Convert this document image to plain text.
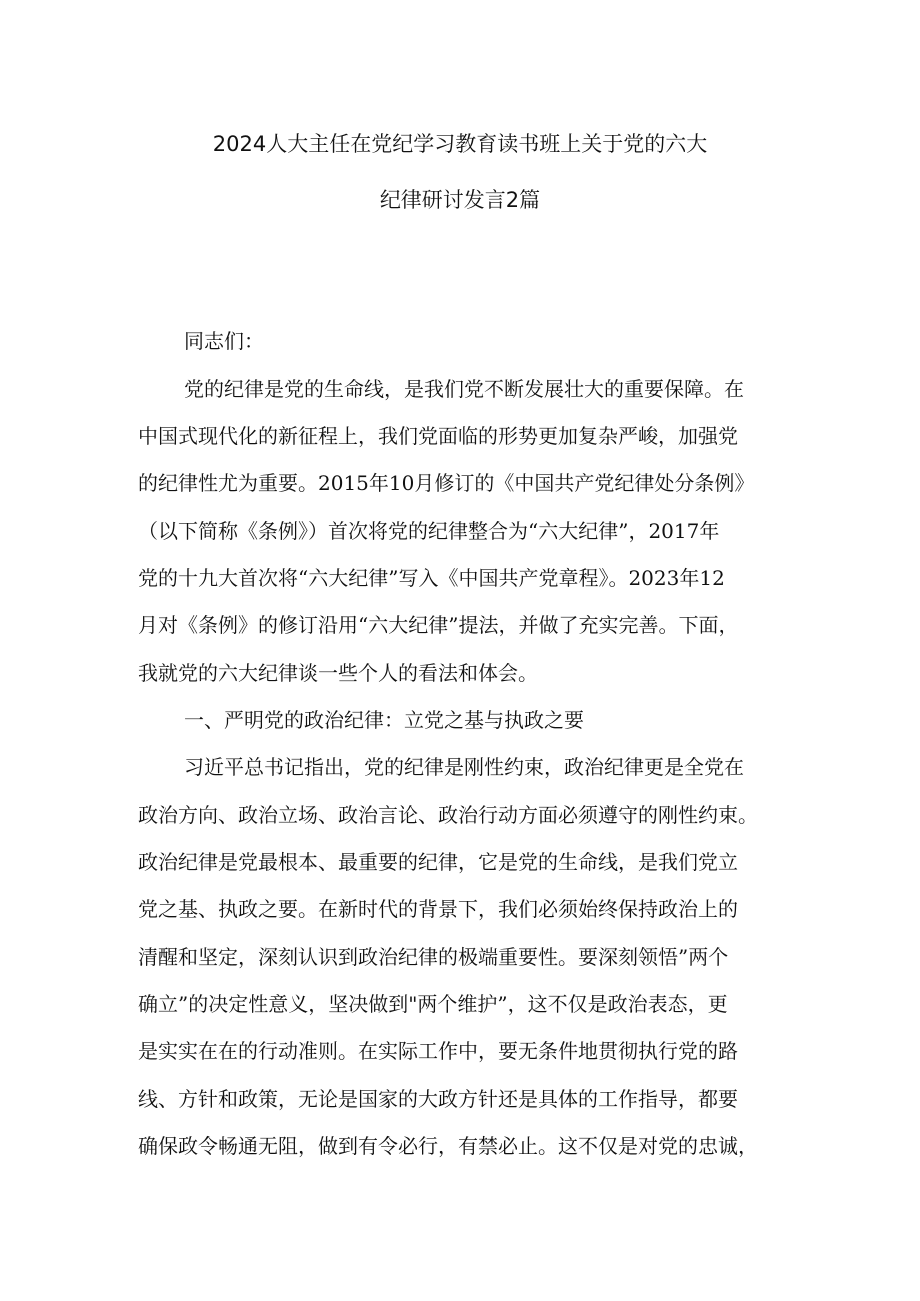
2024人大主任在党纪学习教育读书班上关于党的六大
纪律研讨发言2篇
同志们：
党的纪律是党的生命线，是我们党不断发展壮大的重要保障。在
中国式现代化的新征程上，我们党面临的形势更加复杂严峻，加强党
的纪律性尤为重要。2015年10月修订的《中国共产党纪律处分条例》
（以下简称《条例》）首次将党的纪律整合为“六大纪律”，2017年
党的十九大首次将“六大纪律”写入《中国共产党章程》。2023年12
月对《条例》的修订沿用“六大纪律”提法，并做了充实完善。下面，
我就党的六大纪律谈一些个人的看法和体会。
一、严明党的政治纪律：立党之基与执政之要
习近平总书记指出，党的纪律是刚性约束，政治纪律更是全党在
政治方向、政治立场、政治言论、政治行动方面必须遵守的刚性约束。
政治纪律是党最根本、最重要的纪律，它是党的生命线，是我们党立
党之基、执政之要。在新时代的背景下，我们必须始终保持政治上的
清醒和坚定，深刻认识到政治纪律的极端重要性。要深刻领悟”两个
确立”的决定性意义，坚决做到"两个维护”，这不仅是政治表态，更
是实实在在的行动准则。在实际工作中，要无条件地贯彻执行党的路
线、方针和政策，无论是国家的大政方针还是具体的工作指导，都要
确保政令畅通无阻，做到有令必行，有禁必止。这不仅是对党的忠诚，
